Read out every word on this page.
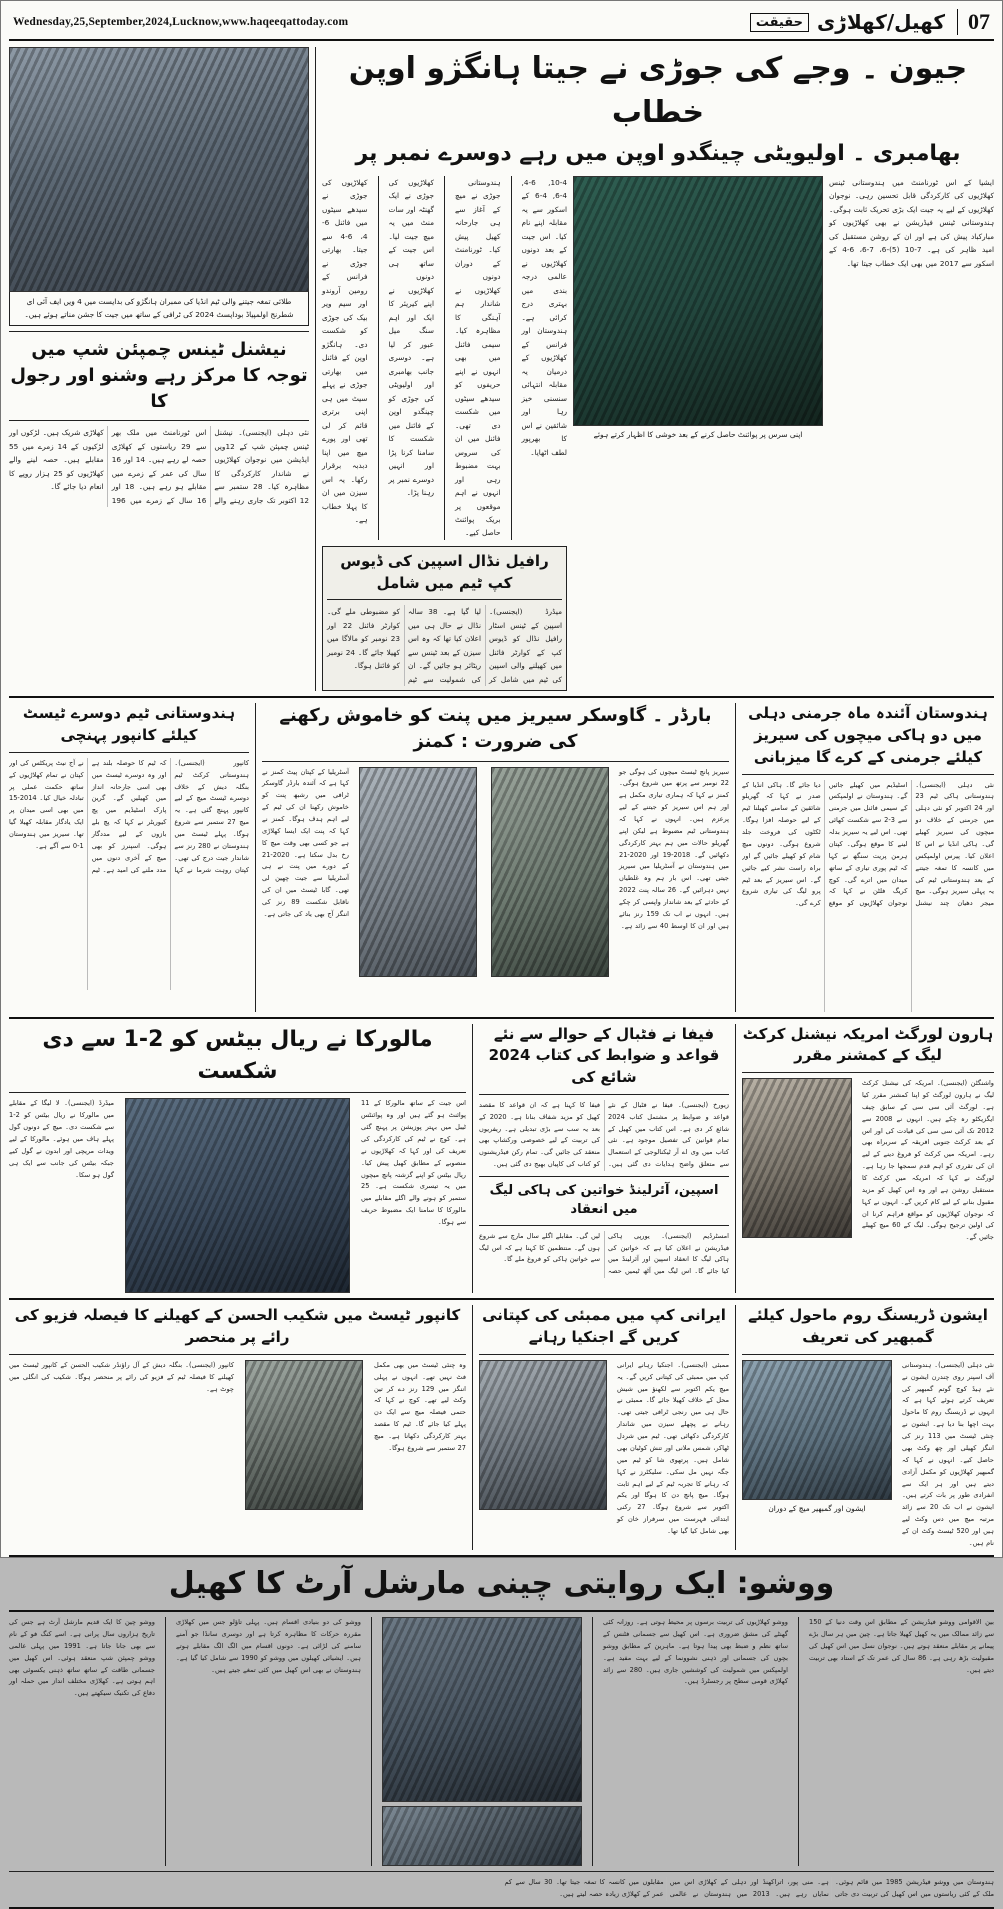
Wednesday,25,September,2024,Lucknow,www.haqeeqattoday.com	حقیقت کھیل/کھلاڑی	07
جیون ۔ وجے کی جوڑی نے جیتا ہانگژو اوپن خطاب
بھامبری ۔ اولیویٹی چینگدو اوپن میں رہے دوسرے نمبر پر
ایشیا کے اس ٹورنامنٹ میں ہندوستانی ٹینس کھلاڑیوں کی کارکردگی قابل تحسین رہی۔ نوجوان کھلاڑیوں کے لیے یہ جیت ایک بڑی تحریک ثابت ہوگی۔ ہندوستانی ٹینس فیڈریشن نے بھی کھلاڑیوں کو مبارکباد پیش کی ہے اور ان کے روشن مستقبل کی امید ظاہر کی ہے۔ 7-10 (5)-6، 7-6، 6-4 کے اسکور سے 2017 میں بھی ایک خطاب جیتا تھا۔
اپنی سرس پر پوائنٹ حاصل کرنے کے بعد خوشی کا اظہار کرتے ہوئے
10-4, 4-6, 6-4, 6-4 کے اسکور سے یہ مقابلہ اپنے نام کیا۔ اس جیت کے بعد دونوں کھلاڑیوں نے عالمی درجہ بندی میں بہتری درج کرائی ہے۔ ہندوستان اور فرانس کے کھلاڑیوں کے درمیان یہ مقابلہ انتہائی سنسنی خیز رہا اور شائقین نے اس کا بھرپور لطف اٹھایا۔
ہندوستانی جوڑی نے میچ کے آغاز سے ہی جارحانہ کھیل پیش کیا۔ ٹورنامنٹ کے دوران دونوں کھلاڑیوں نے شاندار ہم آہنگی کا مظاہرہ کیا۔ سیمی فائنل میں بھی انہوں نے اپنے حریفوں کو سیدھے سیٹوں میں شکست دی تھی۔ فائنل میں ان کی سروس بہت مضبوط رہی اور انہوں نے اہم موقعوں پر بریک پوائنٹ حاصل کیے۔
کھلاڑیوں کی جوڑی نے ایک گھنٹہ اور سات منٹ میں یہ میچ جیت لیا۔ اس جیت کے ساتھ ہی دونوں کھلاڑیوں نے اپنے کیریئر کا ایک اور اہم سنگ میل عبور کر لیا ہے۔ دوسری جانب بھامبری اور اولیویٹی کی جوڑی کو چینگدو اوپن کے فائنل میں شکست کا سامنا کرنا پڑا اور انہیں دوسرے نمبر پر رہنا پڑا۔
کھلاڑیوں کی جوڑی نے سیدھے سیٹوں میں فائنل 6-4، 6-4 سے جیتا۔ بھارتی جوڑی نے فرانس کے رومین آروندو اور سیم ویر بیک کی جوڑی کو شکست دی۔ ہانگژو اوپن کے فائنل میں بھارتی جوڑی نے پہلے سیٹ میں ہی اپنی برتری قائم کر لی تھی اور پورے میچ میں اپنا دبدبہ برقرار رکھا۔ یہ اس سیزن میں ان کا پہلا خطاب ہے۔
رافیل نڈال اسپین کی ڈیوس کپ ٹیم میں شامل
میڈرڈ (ایجنسی)۔ اسپین کے ٹینس اسٹار رافیل نڈال کو ڈیوس کپ کے کوارٹر فائنل میں کھیلنے والی اسپین کی ٹیم میں شامل کر لیا گیا ہے۔ 38 سالہ نڈال نے حال ہی میں اعلان کیا تھا کہ وہ اس سیزن کے بعد ٹینس سے ریٹائر ہو جائیں گے۔ ان کی شمولیت سے ٹیم کو مضبوطی ملے گی۔ کوارٹر فائنل 22 اور 23 نومبر کو مالاگا میں کھیلا جائے گا۔ 24 نومبر کو فائنل ہوگا۔
طلائی تمغہ جیتنے والی ٹیم انڈیا کی ممبران ہانگژو کی بدایست میں 4 ویں ایف آئی ای شطرنج اولمپیاڈ بوداپسٹ 2024 کی ٹرافی کے ساتھ میں جیت کا جشن مناتے ہوئے ہیں۔
نیشنل ٹینس چمپئن شپ میں توجہ کا مرکز رہے وشنو اور رجول کا
نئی دہلی (ایجنسی)۔ نیشنل ٹینس چمپئن شپ کے 12ویں ایڈیشن میں نوجوان کھلاڑیوں نے شاندار کارکردگی کا مظاہرہ کیا۔ 28 ستمبر سے 12 اکتوبر تک جاری رہنے والے اس ٹورنامنٹ میں ملک بھر سے 29 ریاستوں کے کھلاڑی حصہ لے رہے ہیں۔ 14 اور 16 سال کی عمر کے زمرے میں مقابلے ہو رہے ہیں۔ 18 اور 16 سال کے زمرے میں 196 کھلاڑی شریک ہیں۔ لڑکوں اور لڑکیوں کے 14 زمرے میں 55 مقابلے ہیں۔ حصہ لینے والے کھلاڑیوں کو 25 ہزار روپے کا انعام دیا جائے گا۔
ہندوستان آئندہ ماہ جرمنی دہلی میں دو ہاکی میچوں کی سیریز کیلئے جرمنی کے کرے گا میزبانی
نئی دہلی (ایجنسی)۔ ہندوستانی ہاکی ٹیم 23 اور 24 اکتوبر کو نئی دہلی میں جرمنی کے خلاف دو میچوں کی سیریز کھیلے گی۔ ہاکی انڈیا نے اس کا اعلان کیا۔ پیرس اولمپکس میں کانسہ کا تمغہ جیتنے کے بعد ہندوستانی ٹیم کی یہ پہلی سیریز ہوگی۔ میچ میجر دھیان چند نیشنل اسٹیڈیم میں کھیلے جائیں گے۔ ہندوستان نے اولمپکس کے سیمی فائنل میں جرمنی سے 3-2 سے شکست کھائی تھی۔ اس لیے یہ سیریز بدلہ لینے کا موقع ہوگی۔ کپتان ہرمن پریت سنگھ نے کہا کہ ٹیم پوری تیاری کے ساتھ میدان میں اترے گی۔ کوچ کریگ فلٹن نے کہا کہ نوجوان کھلاڑیوں کو موقع دیا جائے گا۔ ہاکی انڈیا کے صدر نے کہا کہ گھریلو شائقین کے سامنے کھیلنا ٹیم کے لیے حوصلہ افزا ہوگا۔ ٹکٹوں کی فروخت جلد شروع ہوگی۔ دونوں میچ شام کو کھیلے جائیں گے اور براہ راست نشر کیے جائیں گے۔ اس سیریز کے بعد ٹیم پرو لیگ کی تیاری شروع کرے گی۔
بارڈر ۔ گاوسکر سیریز میں پنت کو خاموش رکھنے کی ضرورت : کمنز
سیریز پانچ ٹیسٹ میچوں کی ہوگی جو 22 نومبر سے پرتھ میں شروع ہوگی۔ کمنز نے کہا کہ ہماری تیاری مکمل ہے اور ہم اس سیریز کو جیتنے کے لیے پرعزم ہیں۔ انہوں نے کہا کہ ہندوستانی ٹیم مضبوط ہے لیکن اپنے گھریلو حالات میں ہم بہتر کارکردگی دکھائیں گے۔ 2018-19 اور 2020-21 میں ہندوستان نے آسٹریلیا میں سیریز جیتی تھی۔ اس بار ہم وہ غلطیاں نہیں دہرائیں گے۔ 26 سالہ پنت 2022 کے حادثے کے بعد شاندار واپسی کر چکے ہیں۔ انہوں نے اب تک 159 رنز بنائے ہیں اور ان کا اوسط 40 سے زائد ہے۔
آسٹریلیا کے کپتان پیٹ کمنز نے کہا ہے کہ آئندہ بارڈر گاوسکر ٹرافی میں رشبھ پنت کو خاموش رکھنا ان کی ٹیم کے لیے اہم ہدف ہوگا۔ کمنز نے کہا کہ پنت ایک ایسا کھلاڑی ہے جو کسی بھی وقت میچ کا رخ بدل سکتا ہے۔ 2020-21 کے دورے میں پنت نے ہی آسٹریلیا سے جیت چھین لی تھی۔ گابا ٹیسٹ میں ان کی ناقابل شکست 89 رنز کی اننگز آج بھی یاد کی جاتی ہے۔
ہندوستانی ٹیم دوسرے ٹیسٹ کیلئے کانپور پہنچی
کانپور (ایجنسی)۔ ہندوستانی کرکٹ ٹیم بنگلہ دیش کے خلاف دوسرے ٹیسٹ میچ کے لیے کانپور پہنچ گئی ہے۔ یہ میچ 27 ستمبر سے شروع ہوگا۔ پہلے ٹیسٹ میں ہندوستان نے 280 رنز سے شاندار جیت درج کی تھی۔ کپتان روہت شرما نے کہا کہ ٹیم کا حوصلہ بلند ہے اور وہ دوسرے ٹیسٹ میں بھی اسی جارحانہ انداز میں کھیلیں گے۔ گرین پارک اسٹیڈیم میں پچ کیوریٹر نے کہا کہ پچ بلے بازوں کے لیے مددگار ہوگی۔ اسپنرز کو بھی میچ کے آخری دنوں میں مدد ملنے کی امید ہے۔ ٹیم نے آج نیٹ پریکٹس کی اور کپتان نے تمام کھلاڑیوں کے ساتھ حکمت عملی پر تبادلہ خیال کیا۔ 2014-15 میں بھی اسی میدان پر ایک یادگار مقابلہ کھیلا گیا تھا۔ سیریز میں ہندوستان 1-0 سے آگے ہے۔
ہارون لورگٹ امریکہ نیشنل کرکٹ لیگ کے کمشنر مقرر
واشنگٹن (ایجنسی)۔ امریکہ کی نیشنل کرکٹ لیگ نے ہارون لورگٹ کو اپنا کمشنر مقرر کیا ہے۔ لورگٹ آئی سی سی کے سابق چیف ایگزیکٹو رہ چکے ہیں۔ انہوں نے 2008 سے 2012 تک آئی سی سی کی قیادت کی اور اس کے بعد کرکٹ جنوبی افریقہ کے سربراہ بھی رہے۔ امریکہ میں کرکٹ کو فروغ دینے کے لیے ان کی تقرری کو اہم قدم سمجھا جا رہا ہے۔ لورگٹ نے کہا کہ امریکہ میں کرکٹ کا مستقبل روشن ہے اور وہ اس کھیل کو مزید مقبول بنانے کے لیے کام کریں گے۔ انہوں نے کہا کہ نوجوان کھلاڑیوں کو مواقع فراہم کرنا ان کی اولین ترجیح ہوگی۔ لیگ کے 60 میچ کھیلے جائیں گے۔
فیفا نے فٹبال کے حوالے سے نئے قواعد و ضوابط کی کتاب 2024 شائع کی
زیورخ (ایجنسی)۔ فیفا نے فٹبال کے نئے قواعد و ضوابط پر مشتمل کتاب 2024 شائع کر دی ہے۔ اس کتاب میں کھیل کے تمام قوانین کی تفصیل موجود ہے۔ نئی کتاب میں وی اے آر ٹیکنالوجی کے استعمال سے متعلق واضح ہدایات دی گئی ہیں۔ فیفا کا کہنا ہے کہ ان قواعد کا مقصد کھیل کو مزید شفاف بنانا ہے۔ 2020 کے بعد یہ سب سے بڑی تبدیلی ہے۔ ریفریوں کی تربیت کے لیے خصوصی ورکشاپ بھی منعقد کی جائیں گی۔ تمام رکن فیڈریشنوں کو کتاب کی کاپیاں بھیج دی گئی ہیں۔
اسپین، آئرلینڈ خواتین کی ہاکی لیگ میں انعقاد
امسٹرڈیم (ایجنسی)۔ یورپی ہاکی فیڈریشن نے اعلان کیا ہے کہ خواتین کی ہاکی لیگ کا انعقاد اسپین اور آئرلینڈ میں کیا جائے گا۔ اس لیگ میں آٹھ ٹیمیں حصہ لیں گی۔ مقابلے اگلے سال مارچ سے شروع ہوں گے۔ منتظمین کا کہنا ہے کہ اس لیگ سے خواتین ہاکی کو فروغ ملے گا۔
مالورکا نے ریال بیٹس کو 2-1 سے دی شکست
اس جیت کے ساتھ مالورکا کے 11 پوائنٹ ہو گئے ہیں اور وہ پوائنٹس ٹیبل میں بہتر پوزیشن پر پہنچ گئی ہے۔ کوچ نے ٹیم کی کارکردگی کی تعریف کی اور کہا کہ کھلاڑیوں نے منصوبے کے مطابق کھیل پیش کیا۔ ریال بیٹس کو اپنے گزشتہ پانچ میچوں میں یہ تیسری شکست ہے۔ 25 ستمبر کو ہونے والے اگلے مقابلے میں مالورکا کا سامنا ایک مضبوط حریف سے ہوگا۔
میڈرڈ (ایجنسی)۔ لا لیگا کے مقابلے میں مالورکا نے ریال بیٹس کو 2-1 سے شکست دی۔ میچ کے دونوں گول پہلے ہاف میں ہوئے۔ مالورکا کے لیے ویدات مریچی اور ابدون نے گول کیے جبکہ بیٹس کی جانب سے ایک ہی گول ہو سکا۔
ایشون ڈریسنگ روم ماحول کیلئے گمبھیر کی تعریف
نئی دہلی (ایجنسی)۔ ہندوستانی آف اسپنر روی چندرن ایشون نے نئے ہیڈ کوچ گوتم گمبھیر کی تعریف کرتے ہوئے کہا ہے کہ انہوں نے ڈریسنگ روم کا ماحول بہت اچھا بنا دیا ہے۔ ایشون نے چنئی ٹیسٹ میں 113 رنز کی اننگز کھیلی اور چھ وکٹ بھی حاصل کیے۔ انہوں نے کہا کہ گمبھیر کھلاڑیوں کو مکمل آزادی دیتے ہیں اور ہر ایک سے انفرادی طور پر بات کرتے ہیں۔ ایشون نے اب تک 20 سے زائد مرتبہ میچ میں دس وکٹ لیے ہیں اور 520 ٹیسٹ وکٹ ان کے نام ہیں۔
ایشون اور گمبھیر میچ کے دوران
ایرانی کپ میں ممبئی کی کپتانی کریں گے اجنکیا رہانے
ممبئی (ایجنسی)۔ اجنکیا رہانے ایرانی کپ میں ممبئی کی کپتانی کریں گے۔ یہ میچ یکم اکتوبر سے لکھنؤ میں شیش محل کے خلاف کھیلا جائے گا۔ ممبئی نے حال ہی میں رنجی ٹرافی جیتی تھی۔ رہانے نے پچھلے سیزن میں شاندار کارکردگی دکھائی تھی۔ ٹیم میں شردل ٹھاکر، شمس ملانی اور تنش کوٹیان بھی شامل ہیں۔ پرتھوی شا کو ٹیم میں جگہ نہیں مل سکی۔ سلیکٹرز نے کہا کہ رہانے کا تجربہ ٹیم کے لیے اہم ثابت ہوگا۔ میچ پانچ دن کا ہوگا اور یکم اکتوبر سے شروع ہوگا۔ 27 رکنی ابتدائی فہرست میں سرفراز خان کو بھی شامل کیا گیا تھا۔
کانپور ٹیسٹ میں شکیب الحسن کے کھیلنے کا فیصلہ فزیو کی رائے پر منحصر
وہ چنئی ٹیسٹ میں بھی مکمل فٹ نہیں تھے۔ انہوں نے پہلی اننگز میں 129 رنز دے کر تین وکٹ لیے تھے۔ کوچ نے کہا کہ حتمی فیصلہ میچ سے ایک دن پہلے کیا جائے گا۔ ٹیم کا مقصد بہتر کارکردگی دکھانا ہے۔ میچ 27 ستمبر سے شروع ہوگا۔
کانپور (ایجنسی)۔ بنگلہ دیش کے آل راؤنڈر شکیب الحسن کے کانپور ٹیسٹ میں کھیلنے کا فیصلہ ٹیم کے فزیو کی رائے پر منحصر ہوگا۔ شکیب کی انگلی میں چوٹ ہے۔
ووشو: ایک روایتی چینی مارشل آرٹ کا کھیل
بین الاقوامی ووشو فیڈریشن کے مطابق اس وقت دنیا کے 150 سے زائد ممالک میں یہ کھیل کھیلا جاتا ہے۔ چین میں ہر سال بڑے پیمانے پر مقابلے منعقد ہوتے ہیں۔ نوجوان نسل میں اس کھیل کی مقبولیت بڑھ رہی ہے۔ 86 سال کی عمر تک کے استاد بھی تربیت دیتے ہیں۔
ووشو کھلاڑیوں کی تربیت برسوں پر محیط ہوتی ہے۔ روزانہ کئی گھنٹے کی مشق ضروری ہے۔ اس کھیل سے جسمانی فٹنس کے ساتھ نظم و ضبط بھی پیدا ہوتا ہے۔ ماہرین کے مطابق ووشو بچوں کی جسمانی اور ذہنی نشوونما کے لیے بہت مفید ہے۔ اولمپکس میں شمولیت کی کوششیں جاری ہیں۔ 280 سے زائد کھلاڑی قومی سطح پر رجسٹرڈ ہیں۔
ووشو کی دو بنیادی اقسام ہیں۔ پہلی تاؤلو جس میں کھلاڑی مقررہ حرکات کا مظاہرہ کرتا ہے اور دوسری سانڈا جو آمنے سامنے کی لڑائی ہے۔ دونوں اقسام میں الگ الگ مقابلے ہوتے ہیں۔ ایشیائی کھیلوں میں ووشو کو 1990 سے شامل کیا گیا ہے۔ ہندوستان نے بھی اس کھیل میں کئی تمغے جیتے ہیں۔
ووشو چین کا ایک قدیم مارشل آرٹ ہے جس کی تاریخ ہزاروں سال پرانی ہے۔ اسے کنگ فو کے نام سے بھی جانا جاتا ہے۔ 1991 میں پہلی عالمی ووشو چمپئن شپ منعقد ہوئی۔ اس کھیل میں جسمانی طاقت کے ساتھ ساتھ ذہنی یکسوئی بھی اہم ہوتی ہے۔ کھلاڑی مختلف انداز میں حملہ اور دفاع کی تکنیک سیکھتے ہیں۔
ہندوستان میں ووشو فیڈریشن 1985 میں قائم ہوئی۔ ملک کے کئی ریاستوں میں اس کھیل کی تربیت دی جاتی ہے۔ منی پور، اتراکھنڈ اور دہلی کے کھلاڑی اس میں نمایاں رہے ہیں۔ 2013 میں ہندوستان نے عالمی مقابلوں میں کانسہ کا تمغہ جیتا تھا۔ 30 سال سے کم عمر کے کھلاڑی زیادہ حصہ لیتے ہیں۔
